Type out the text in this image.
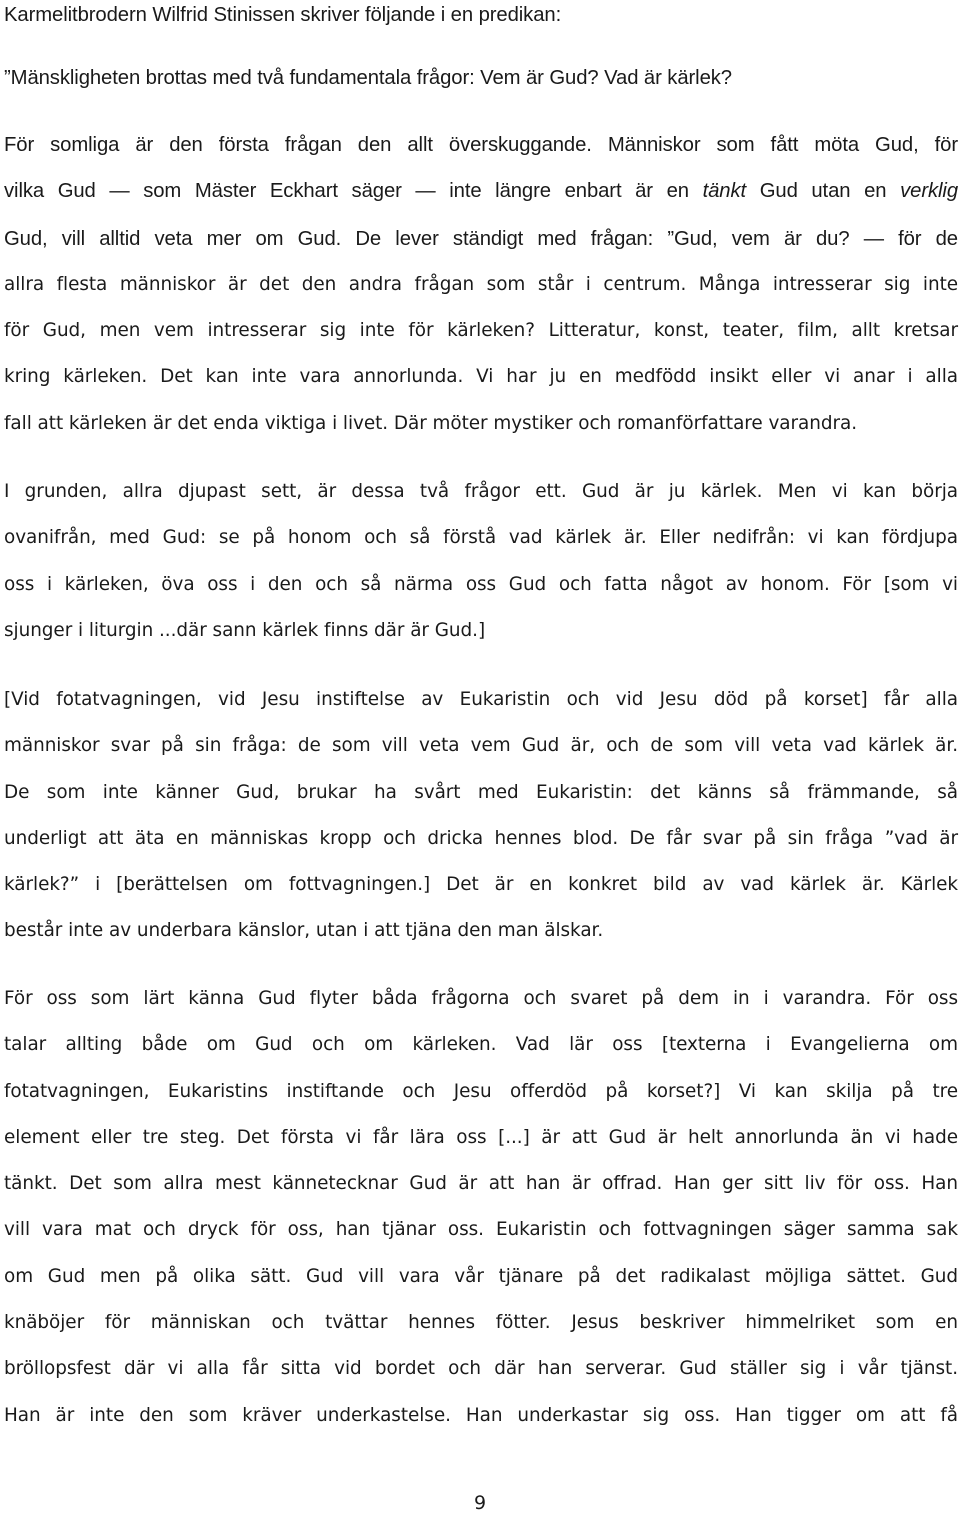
Karmelitbrodern Wilfrid Stinissen skriver följande i en predikan:
”Mänskligheten brottas med två fundamentala frågor: Vem är Gud? Vad är kärlek?
För somliga är den första frågan den allt överskuggande. Människor som fått möta Gud, för
vilka Gud — som Mäster Eckhart säger — inte längre enbart är en tänkt Gud utan en verklig
Gud, vill alltid veta mer om Gud. De lever ständigt med frågan: ”Gud, vem är du? — för de
allra flesta människor är det den andra frågan som står i centrum. Många intresserar sig inte
för Gud, men vem intresserar sig inte för kärleken? Litteratur, konst, teater, film, allt kretsar
kring kärleken. Det kan inte vara annorlunda. Vi har ju en medfödd insikt eller vi anar i alla
fall att kärleken är det enda viktiga i livet. Där möter mystiker och romanförfattare varandra.
I grunden, allra djupast sett, är dessa två frågor ett. Gud är ju kärlek. Men vi kan börja
ovanifrån, med Gud: se på honom och så förstå vad kärlek är. Eller nedifrån: vi kan fördjupa
oss i kärleken, öva oss i den och så närma oss Gud och fatta något av honom. För [som vi
sjunger i liturgin ...där sann kärlek finns där är Gud.]
[Vid fotatvagningen, vid Jesu instiftelse av Eukaristin och vid Jesu död på korset] får alla
människor svar på sin fråga: de som vill veta vem Gud är, och de som vill veta vad kärlek är.
De som inte känner Gud, brukar ha svårt med Eukaristin: det känns så främmande, så
underligt att äta en människas kropp och dricka hennes blod. De får svar på sin fråga ”vad är
kärlek?” i [berättelsen om fottvagningen.] Det är en konkret bild av vad kärlek är. Kärlek
består inte av underbara känslor, utan i att tjäna den man älskar.
För oss som lärt känna Gud flyter båda frågorna och svaret på dem in i varandra. För oss
talar allting både om Gud och om kärleken. Vad lär oss [texterna i Evangelierna om
fotatvagningen, Eukaristins instiftande och Jesu offerdöd på korset?] Vi kan skilja på tre
element eller tre steg. Det första vi får lära oss [...] är att Gud är helt annorlunda än vi hade
tänkt. Det som allra mest kännetecknar Gud är att han är offrad. Han ger sitt liv för oss. Han
vill vara mat och dryck för oss, han tjänar oss. Eukaristin och fottvagningen säger samma sak
om Gud men på olika sätt. Gud vill vara vår tjänare på det radikalast möjliga sättet. Gud
knäböjer för människan och tvättar hennes fötter. Jesus beskriver himmelriket som en
bröllopsfest där vi alla får sitta vid bordet och där han serverar. Gud ställer sig i vår tjänst.
Han är inte den som kräver underkastelse. Han underkastar sig oss. Han tigger om att få
9
